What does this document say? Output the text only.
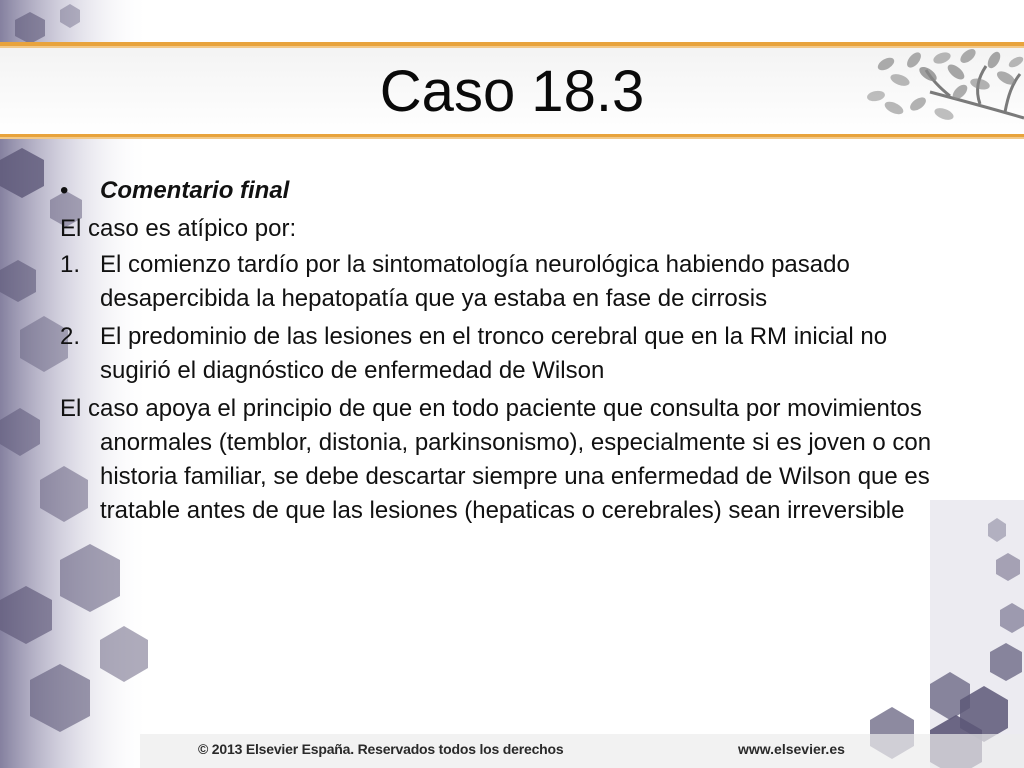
Caso 18.3
•	Comentario final

El caso es atípico por:

1. El comienzo tardío por la sintomatología neurológica habiendo pasado desapercibida la hepatopatía que ya estaba en fase de cirrosis
2. El predominio de las lesiones en el tronco cerebral que en la RM inicial no sugirió el diagnóstico de enfermedad de Wilson

El caso apoya el principio de que en todo paciente que consulta por movimientos anormales (temblor, distonia, parkinsonismo), especialmente si es joven o con historia familiar, se debe descartar siempre una enfermedad de Wilson que es tratable antes de que las lesiones (hepaticas o cerebrales) sean irreversible

© 2013 Elsevier España. Reservados todos los derechos	www.elsevier.es
